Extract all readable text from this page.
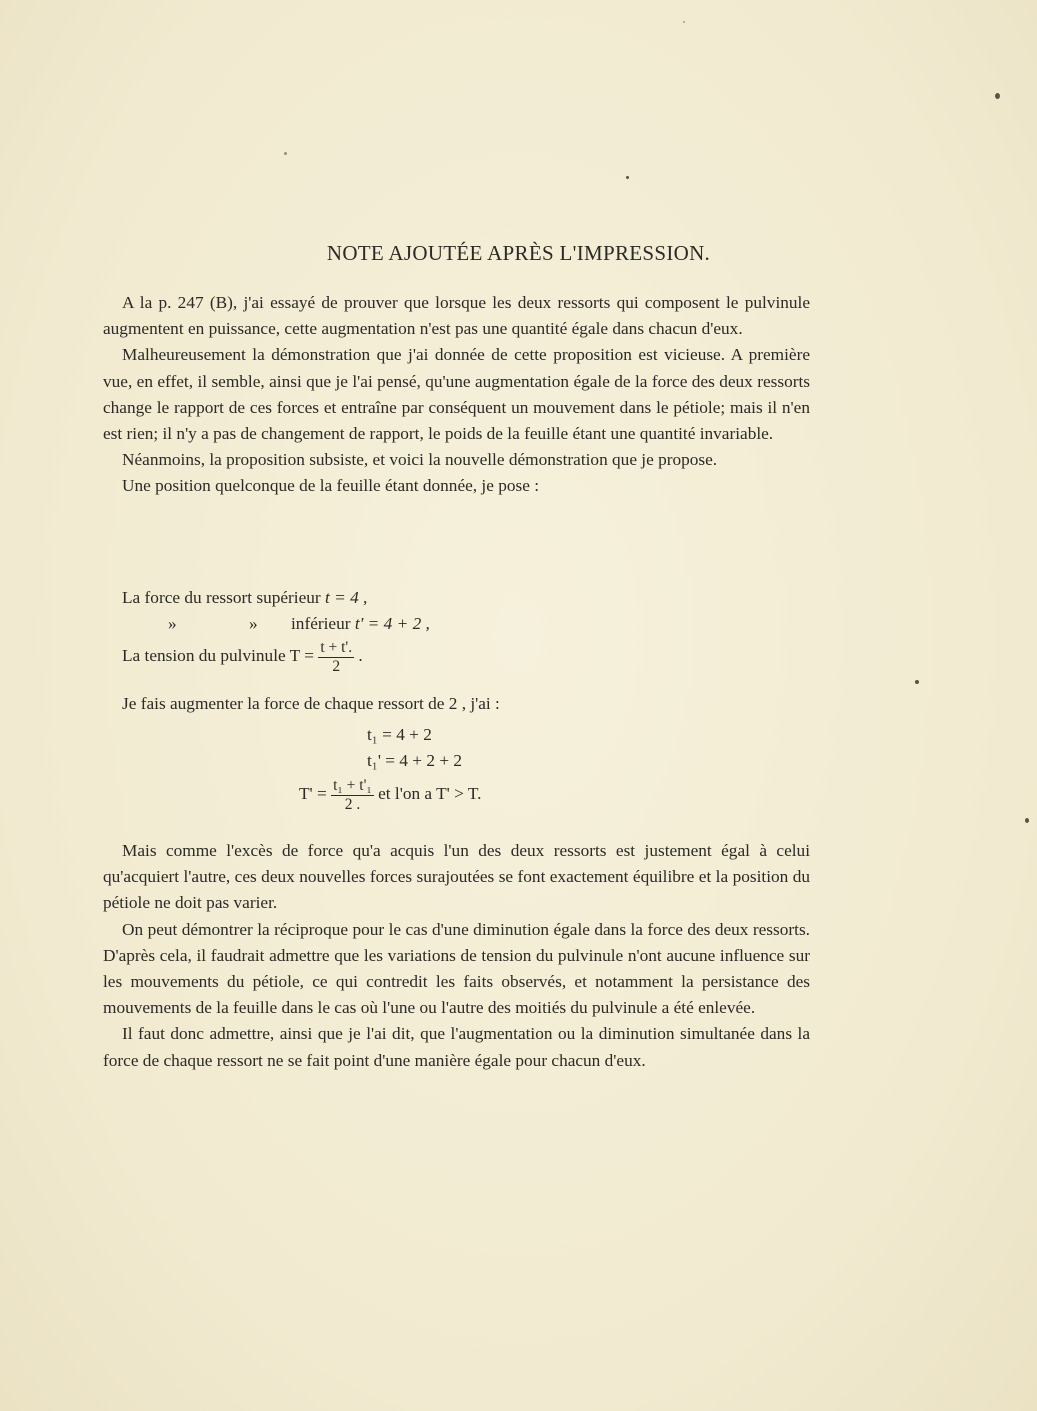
NOTE AJOUTÉE APRÈS L'IMPRESSION.

A la p. 247 (B), j'ai essayé de prouver que lorsque les deux ressorts qui composent le pulvinule augmentent en puissance, cette augmentation n'est pas une quantité égale dans chacun d'eux.

Malheureusement la démonstration que j'ai donnée de cette proposition est vicieuse. A première vue, en effet, il semble, ainsi que je l'ai pensé, qu'une augmentation égale de la force des deux ressorts change le rapport de ces forces et entraîne par conséquent un mouvement dans le pétiole; mais il n'en est rien; il n'y a pas de changement de rapport, le poids de la feuille étant une quantité invariable.

Néanmoins, la proposition subsiste, et voici la nouvelle démonstration que je propose.

Une position quelconque de la feuille étant donnée, je pose :

La force du ressort supérieur t = 4 ,
»	» inférieur t' = 4 + 2 ,
La tension du pulvinule $T = \frac{t + t'.}{2}$ .
Je fais augmenter la force de chaque ressort de 2 , j'ai :
t₁ = 4 + 2
t₁' = 4 + 2 + 2
$T' = \frac{\text{t₁ + t'₁}}{2 .}$ et l'on a T' > T.

Mais comme l'excès de force qu'a acquis l'un des deux ressorts est justement égal à celui qu'acquiert l'autre, ces deux nouvelles forces surajoutées se font exactement équilibre et la position du pétiole ne doit pas varier.

On peut démontrer la réciproque pour le cas d'une diminution égale dans la force des deux ressorts. D'après cela, il faudrait admettre que les variations de tension du pulvinule n'ont aucune influence sur les mouvements du pétiole, ce qui contredit les faits observés, et notamment la persistance des mouvements de la feuille dans le cas où l'une ou l'autre des moitiés du pulvinule a été enlevée.

Il faut donc admettre, ainsi que je l'ai dit, que l'augmentation ou la diminution simultanée dans la force de chaque ressort ne se fait point d'une manière égale pour chacun d'eux.
